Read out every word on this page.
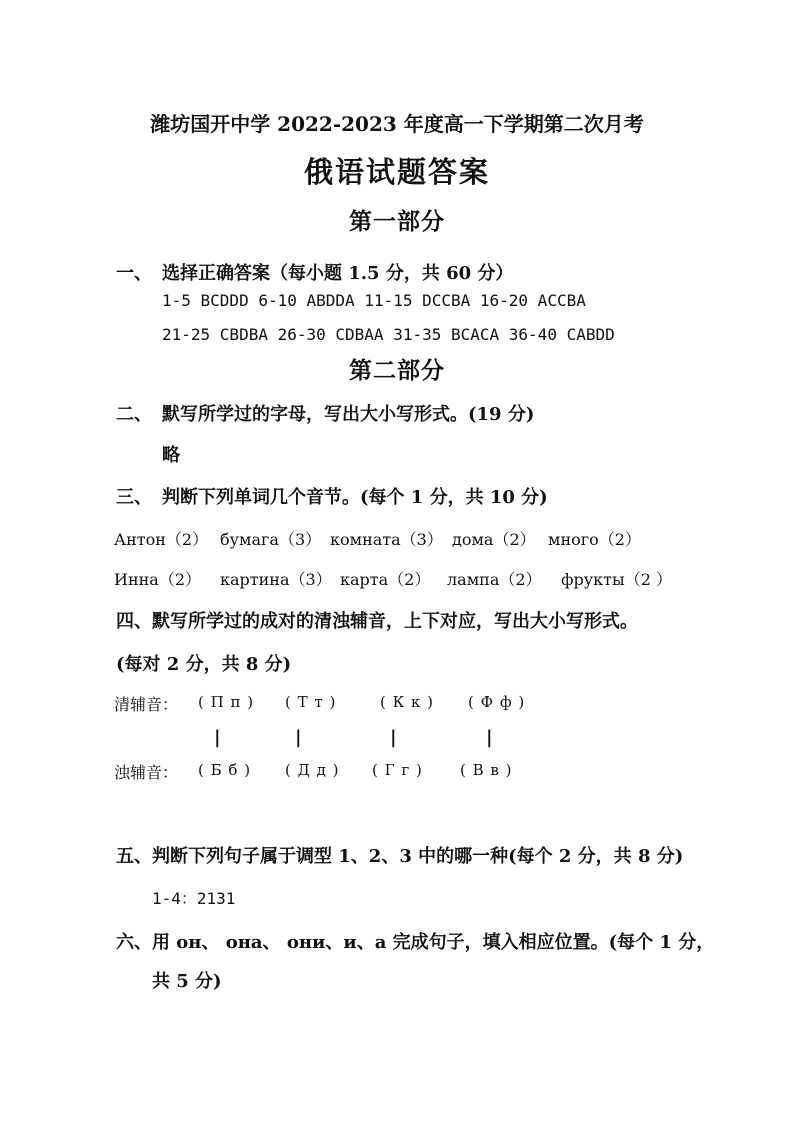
潍坊国开中学 2022-2023 年度高一下学期第二次月考
俄语试题答案
第一部分
一、 选择正确答案（每小题 1.5 分，共 60 分）
1-5 BCDDD 6-10 ABDDA 11-15 DCCBA 16-20 ACCBA
21-25 CBDBA 26-30 CDBAA 31-35 BCACA 36-40 CABDD
第二部分
二、 默写所学过的字母，写出大小写形式。(19 分)
略
三、 判断下列单词几个音节。(每个 1 分，共 10 分)
Антон（2） бумага（3） комната（3） дома（2） много（2）
Инна（2） картина（3） карта（2） лампа（2） фрукты（2 ）
四、默写所学过的成对的清浊辅音，上下对应，写出大小写形式。
(每对 2 分，共 8 分)
清辅音： ( П п ) ( Т т )	( К к ) ( Ф ф )
|	|	|	|
浊辅音： ( Б б ) ( Д д ) ( Г г ) ( В в )
五、判断下列句子属于调型 1、2、3 中的哪一种(每个 2 分，共 8 分)
1-4：2131
六、用 он、 она、 они、и、а 完成句子，填入相应位置。(每个 1 分，
共 5 分)
